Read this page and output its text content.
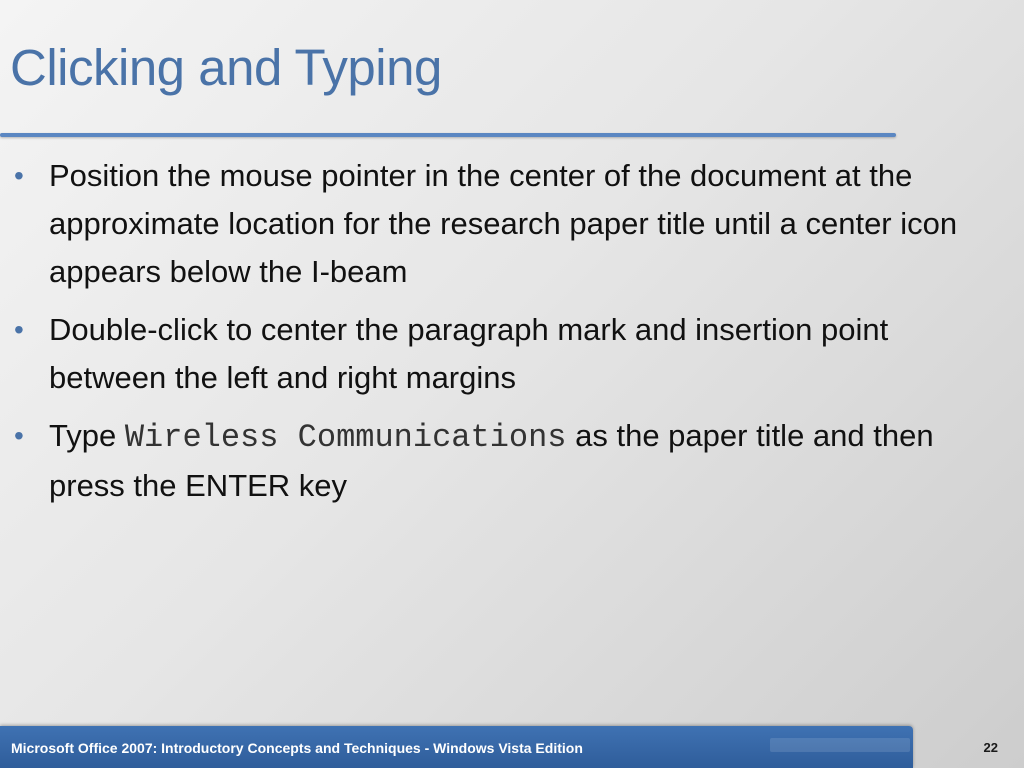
Clicking and Typing
• Position the mouse pointer in the center of the document at the approximate location for the research paper title until a center icon appears below the I-beam
• Double-click to center the paragraph mark and insertion point between the left and right margins
• Type Wireless Communications as the paper title and then press the ENTER key
Microsoft Office 2007: Introductory Concepts and Techniques - Windows Vista Edition	22
